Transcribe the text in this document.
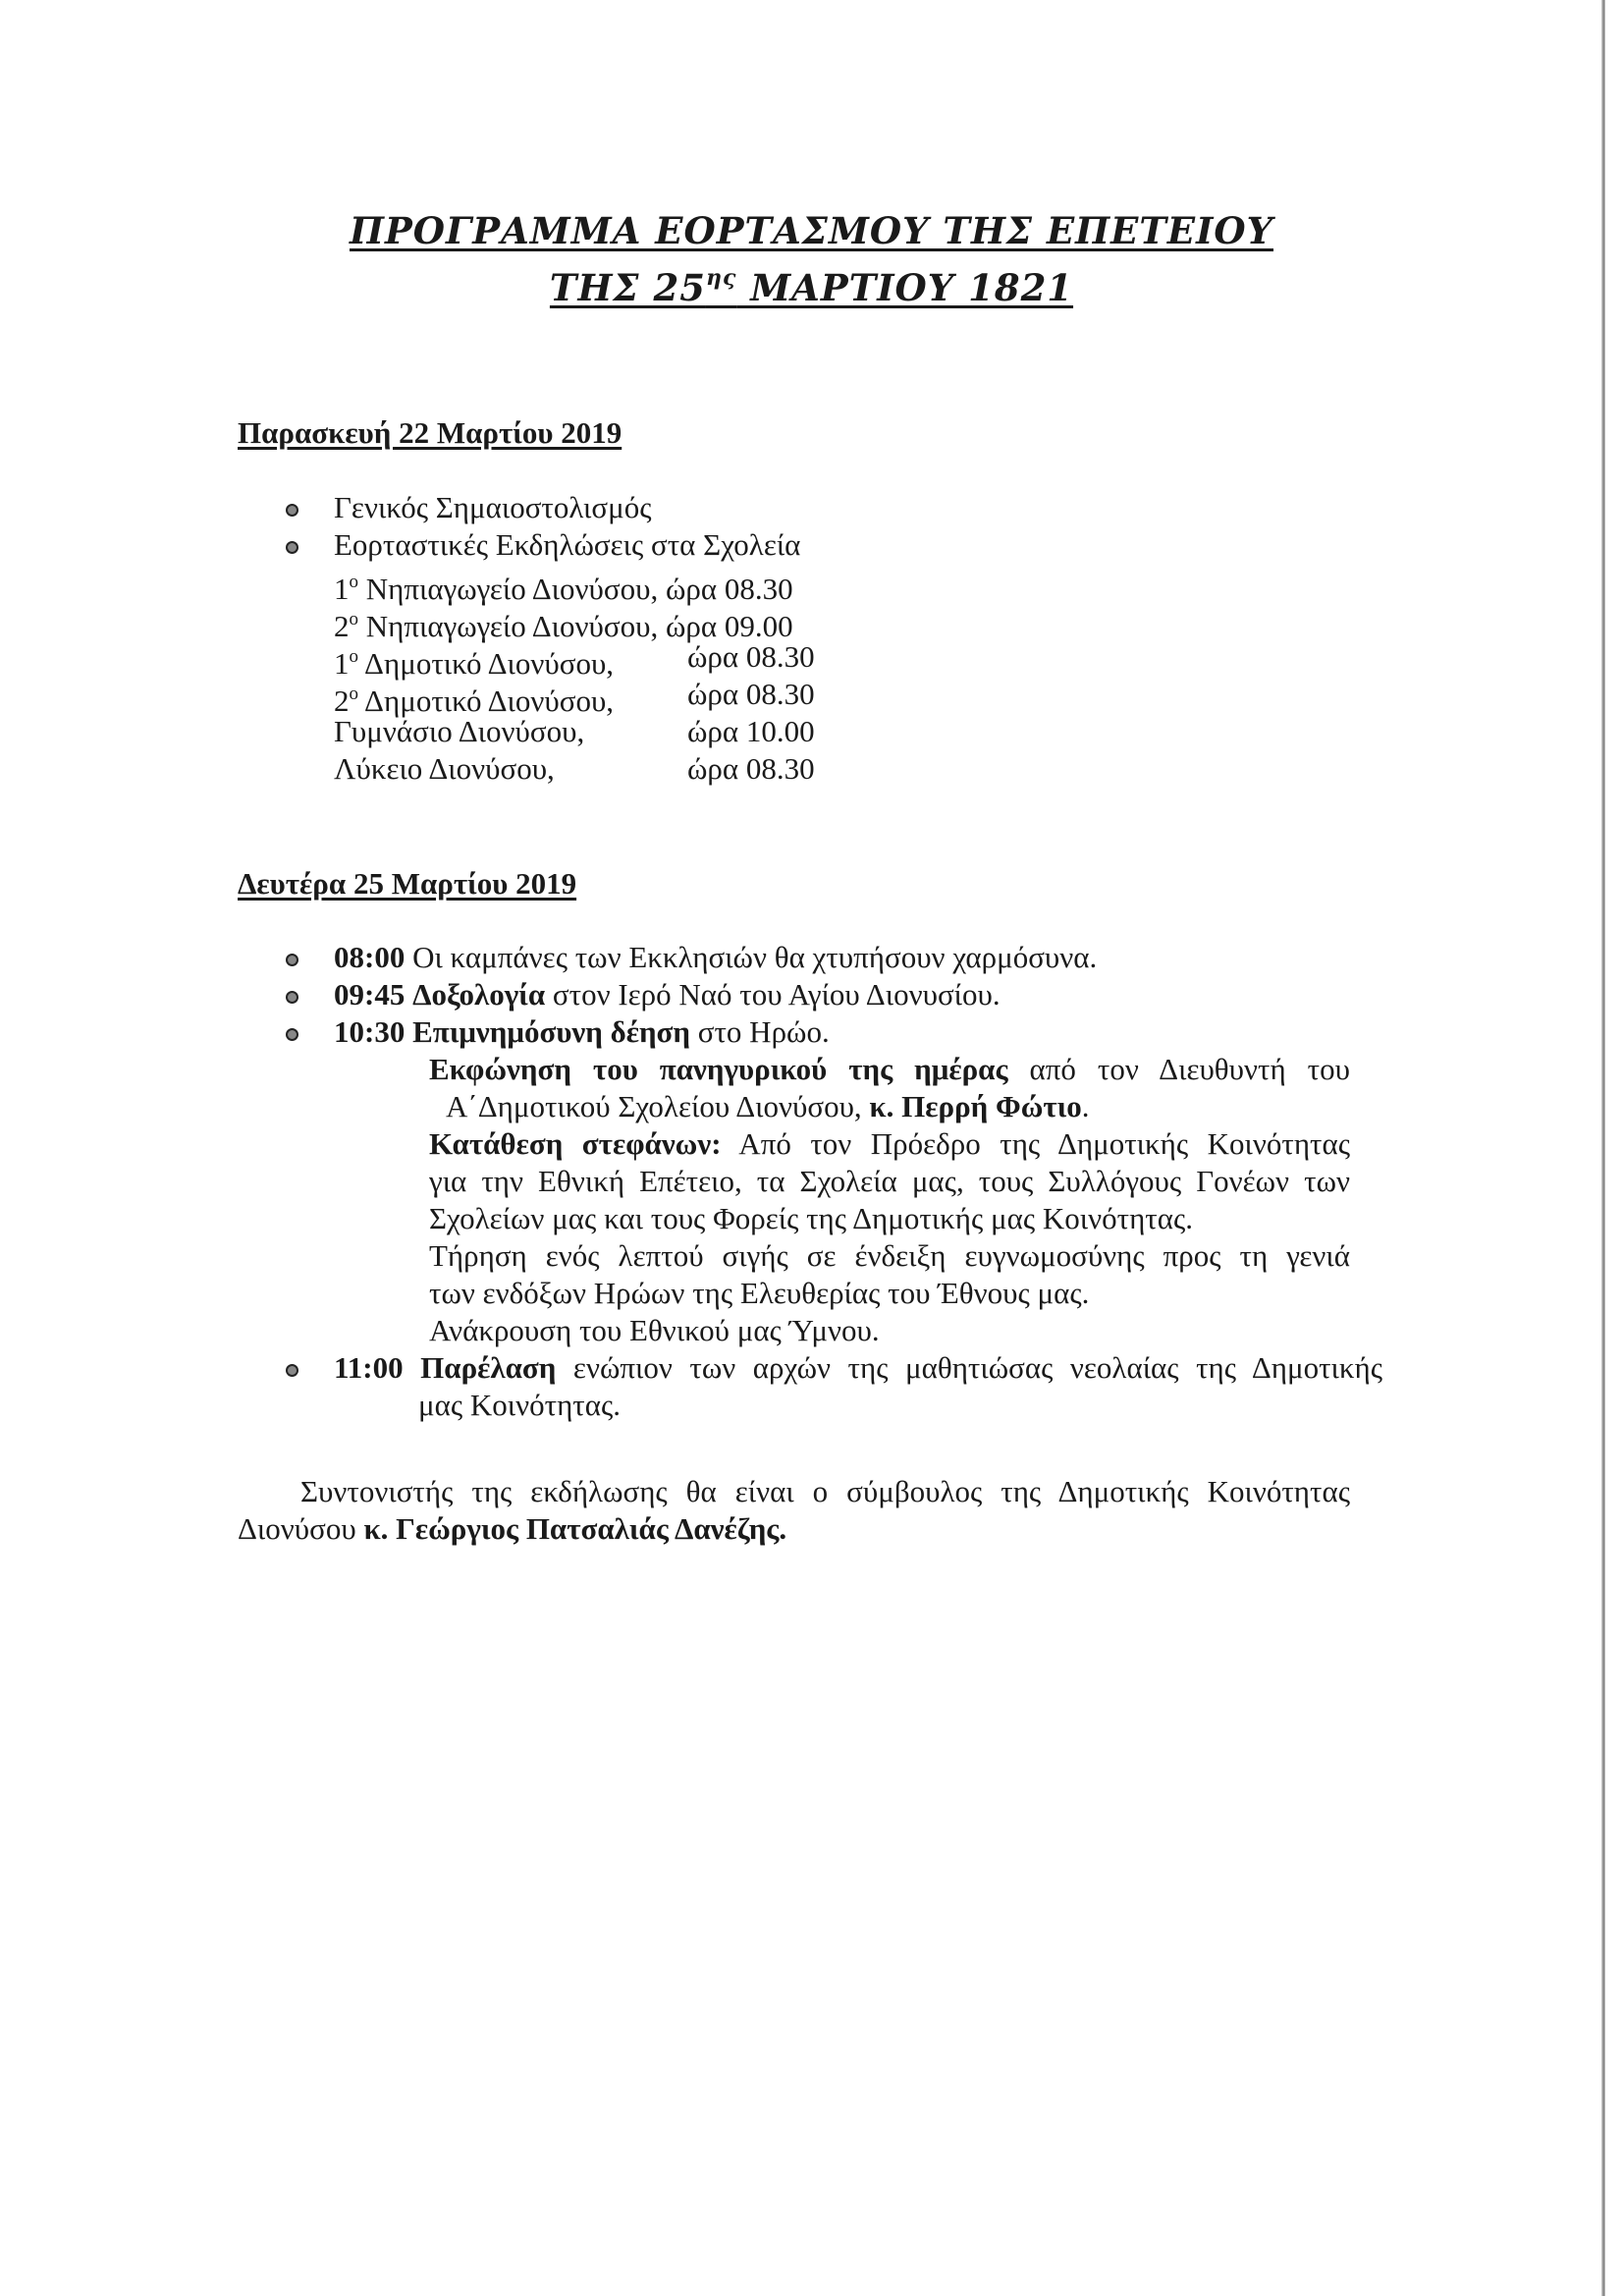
ΠΡΟΓΡΑΜΜΑ ΕΟΡΤΑΣΜΟΥ ΤΗΣ ΕΠΕΤΕΙΟΥ
ΤΗΣ $25^{\eta\varsigma}$ ΜΑΡΤΙΟΥ 1821
Παρασκευή 22 Μαρτίου 2019
Γενικός Σημαιοστολισμός
Εορταστικές Εκδηλώσεις στα Σχολεία
$1^o$ Νηπιαγωγείο Διονύσου, ώρα 08.30
$2^o$ Νηπιαγωγείο Διονύσου, ώρα 09.00
$1^o$ Δημοτικό Διονύσου, ώρα 08.30
$2^o$ Δημοτικό Διονύσου, ώρα 08.30
Γυμνάσιο Διονύσου,	ώρα 10.00
Λύκειο Διονύσου,	ώρα 08.30
Δευτέρα 25 Μαρτίου 2019
08:00 Οι καμπάνες των Εκκλησιών θα χτυπήσουν χαρμόσυνα.
09:45 Δοξολογία στον Ιερό Ναό του Αγίου Διονυσίου.
10:30 Επιμνημόσυνη δέηση στο Ηρώο.
Εκφώνηση του πανηγυρικού της ημέρας από τον Διευθυντή του
Α΄Δημοτικού Σχολείου Διονύσου, κ. Περρή Φώτιο.
Κατάθεση στεφάνων: Από τον Πρόεδρο της Δημοτικής Κοινότητας
για την Εθνική Επέτειο, τα Σχολεία μας, τους Συλλόγους Γονέων των
Σχολείων μας και τους Φορείς της Δημοτικής μας Κοινότητας.
Τήρηση ενός λεπτού σιγής σε ένδειξη ευγνωμοσύνης προς τη γενιά
των ενδόξων Ηρώων της Ελευθερίας του Έθνους μας.
Ανάκρουση του Εθνικού μας Ύμνου.
11:00 Παρέλαση ενώπιον των αρχών της μαθητιώσας νεολαίας της Δημοτικής
μας Κοινότητας.
Συντονιστής της εκδήλωσης θα είναι ο σύμβουλος της Δημοτικής Κοινότητας
Διονύσου κ. Γεώργιος Πατσαλιάς Δανέζης.
